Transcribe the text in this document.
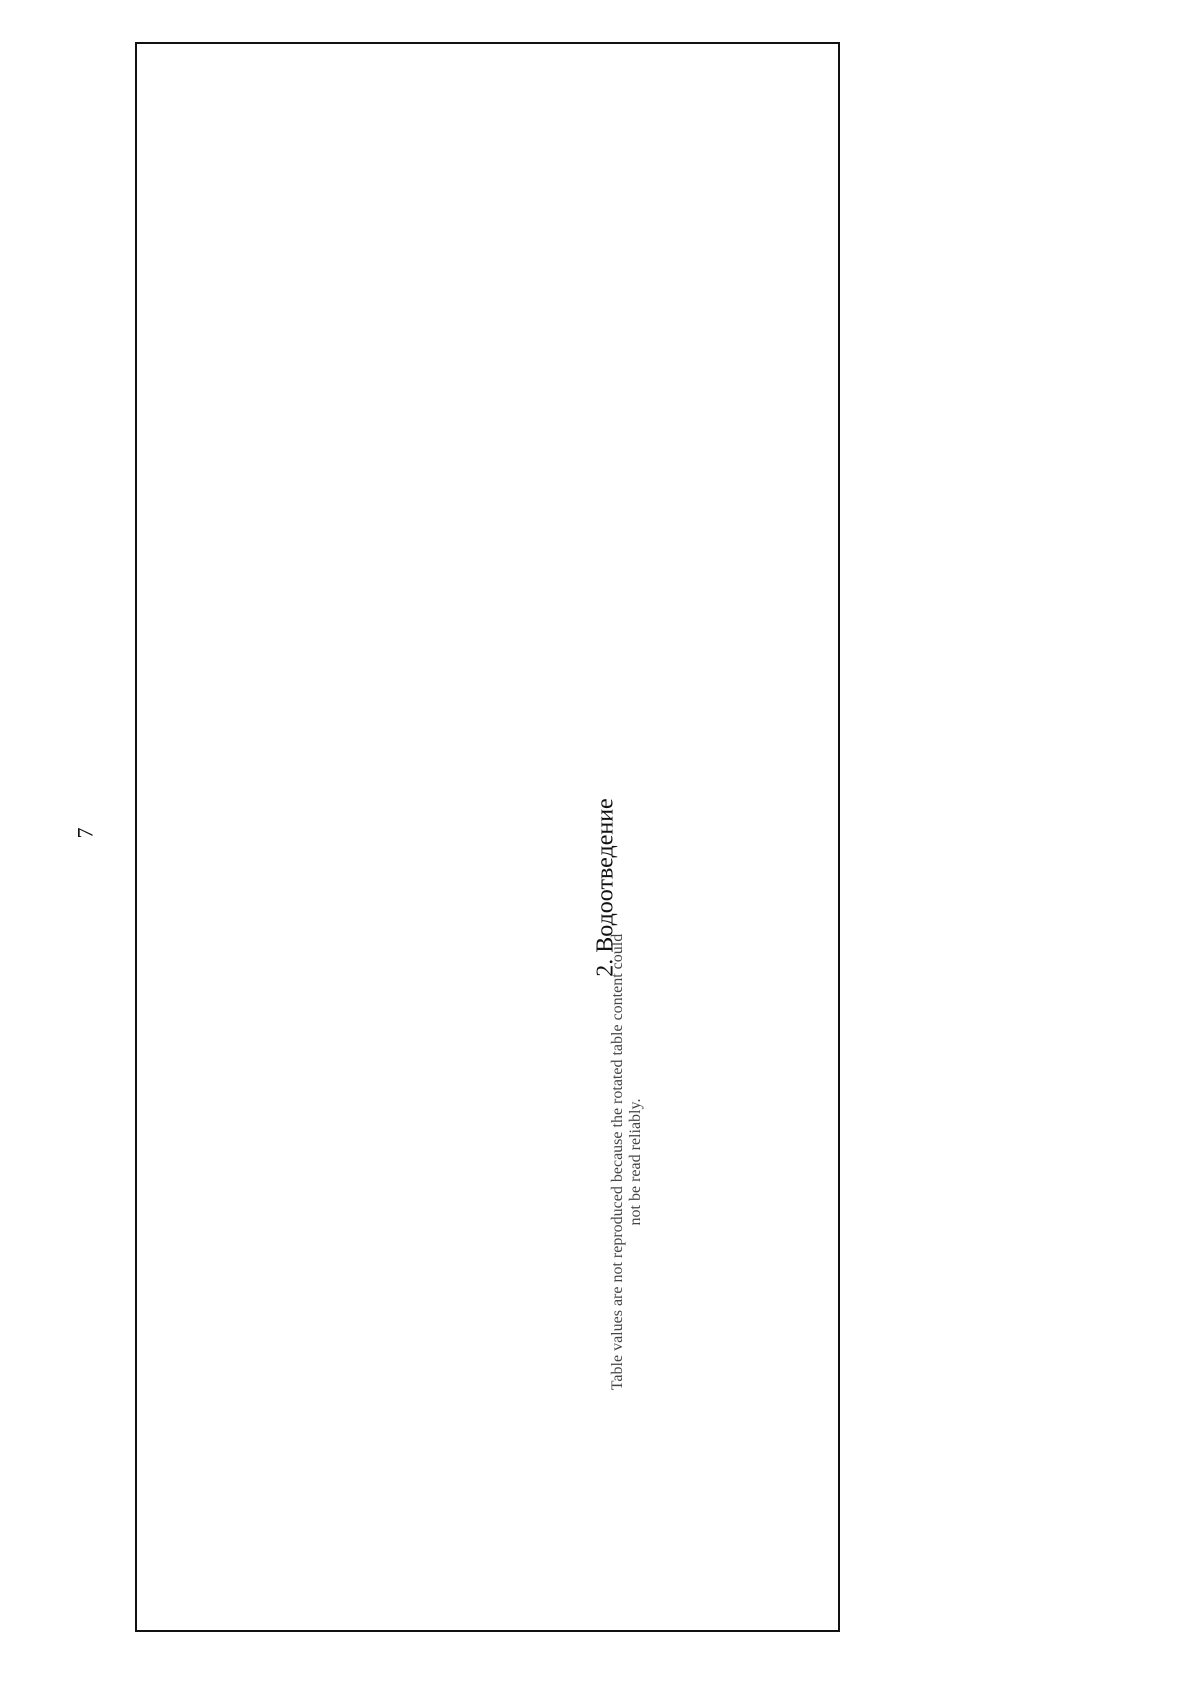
7	2. Водоотведение
Table values are not reproduced because the rotated table content could not be read reliably.
